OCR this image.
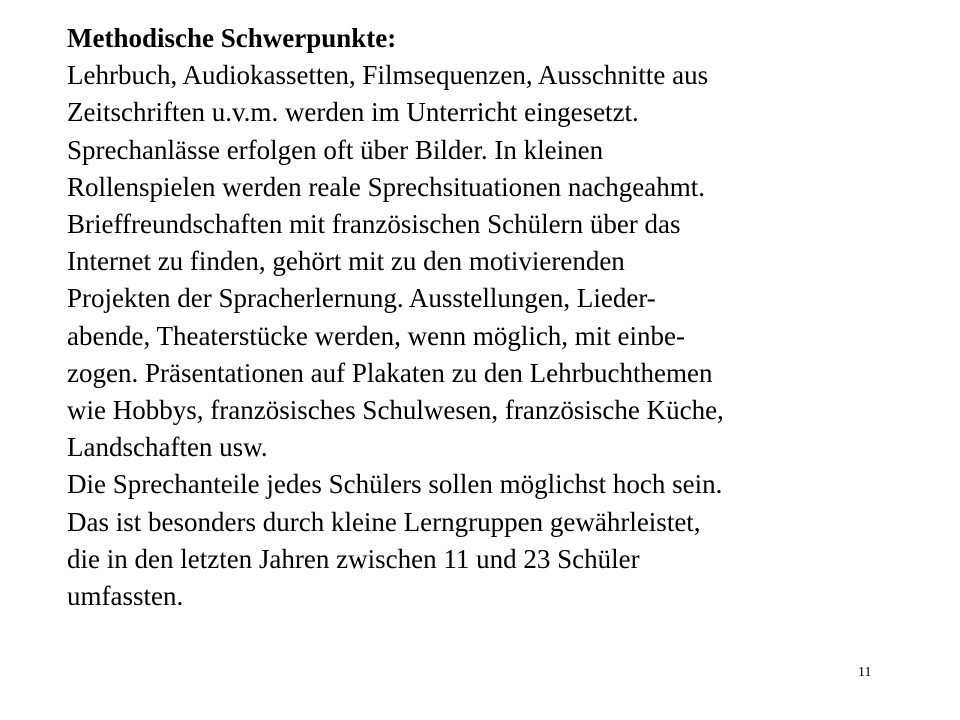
Methodische Schwerpunkte:
Lehrbuch, Audiokassetten, Filmsequenzen, Ausschnitte aus
Zeitschriften u.v.m. werden im Unterricht eingesetzt.
Sprechanlässe erfolgen oft über Bilder. In kleinen
Rollenspielen werden reale Sprechsituationen nachgeahmt.
Brieffreundschaften mit französischen Schülern über das
Internet zu finden, gehört mit zu den motivierenden
Projekten der Spracherlernung. Ausstellungen, Lieder-
abende, Theaterstücke werden, wenn möglich, mit einbe-
zogen. Präsentationen auf Plakaten zu den Lehrbuchthemen
wie Hobbys, französisches Schulwesen, französische Küche,
Landschaften usw.
Die Sprechanteile jedes Schülers sollen möglichst hoch sein.
Das ist besonders durch kleine Lerngruppen gewährleistet,
die in den letzten Jahren zwischen 11 und 23 Schüler
umfassten.
11
